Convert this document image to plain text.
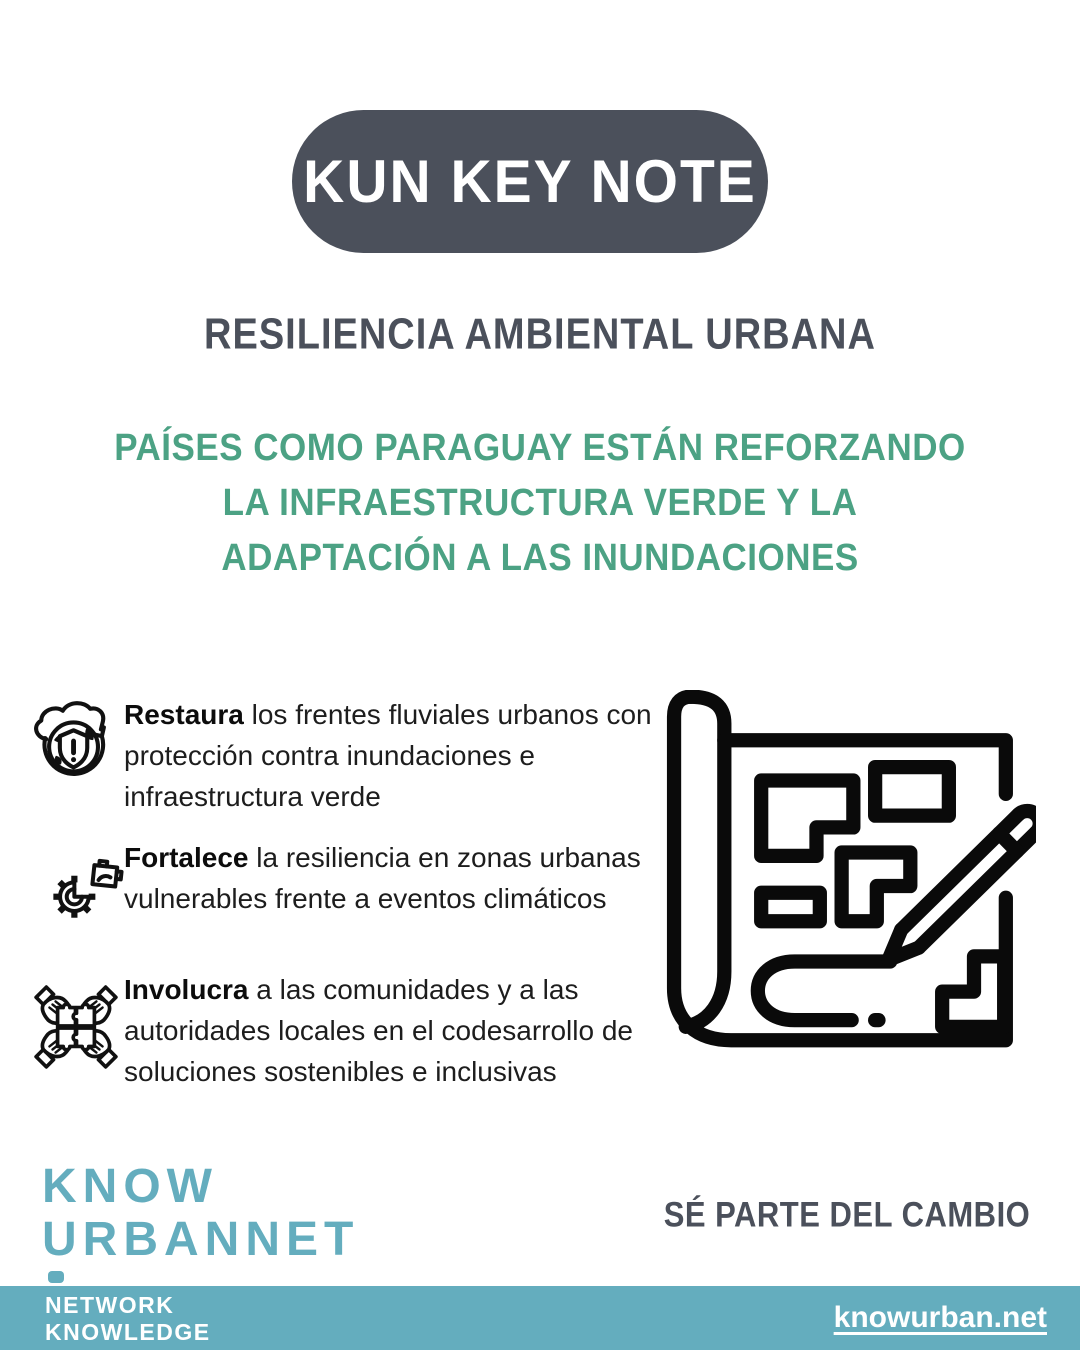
KUN KEY NOTE
RESILIENCIA AMBIENTAL URBANA
PAÍSES COMO PARAGUAY ESTÁN REFORZANDO
LA INFRAESTRUCTURA VERDE Y LA
ADAPTACIÓN A LAS INUNDACIONES
Restaura los frentes fluviales urbanos con protección contra inundaciones e infraestructura verde
Fortalece la resiliencia en zonas urbanas vulnerables frente a eventos climáticos
Involucra a las comunidades y a las autoridades locales en el codesarrollo de soluciones sostenibles e inclusivas
KNOW
URBANNET	SÉ PARTE DEL CAMBIO
NETWORK
KNOWLEDGE	knowurban.net
